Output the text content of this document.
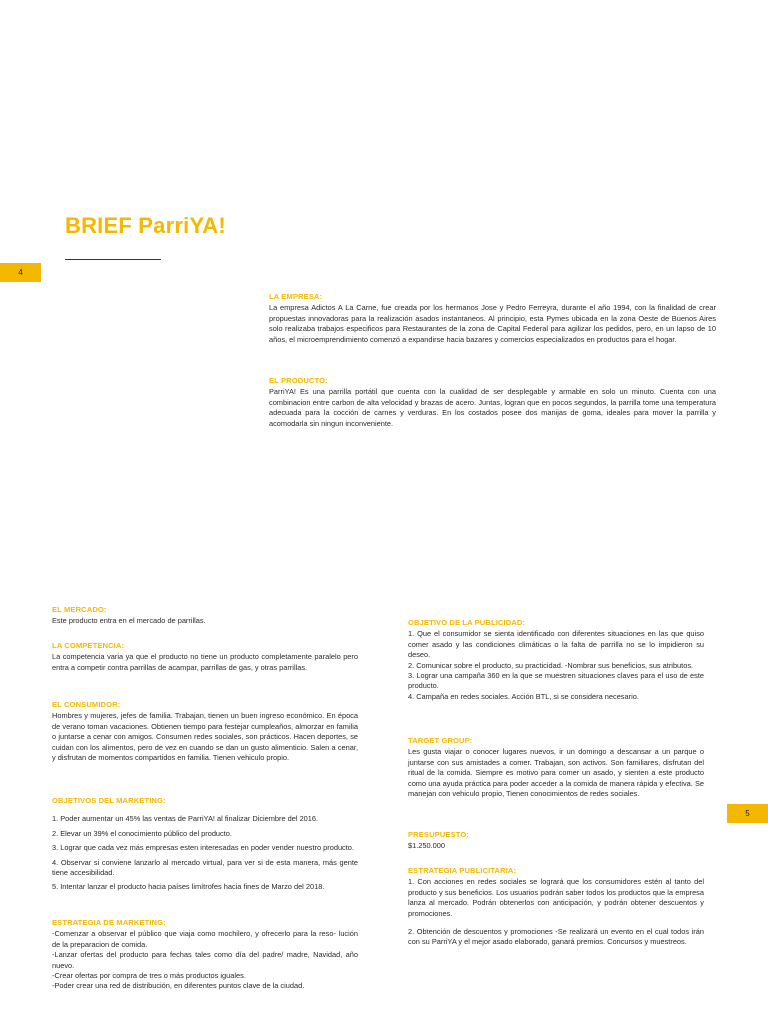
BRIEF ParriYA!
4
5
LA EMPRESA:

La empresa Adictos A La Carne, fue creada por los hermanos Jose y Pedro Ferreyra, durante el año 1994, con la finalidad de crear propuestas innovadoras para la realización asados instantaneos. Al principio, esta Pymes ubicada en la zona Oeste de Buenos Aires solo realizaba trabajos especificos para Restaurantes de la zona de Capital Federal para agilizar los pedidos, pero, en un lapso de 10 años, el microemprendimiento comenzó a expandirse hacia bazares y comercios especializados en productos para el hogar.

EL PRODUCTO:

ParriYA! Es una parrilla portátil que cuenta con la cualidad de ser desplegable y armable en solo un minuto. Cuenta con una combinacion entre carbon de alta velocidad y brazas de acero. Juntas, logran que en pocos segundos, la parrilla tome una temperatura adecuada para la cocción de carnes y verduras. En los costados posee dos manijas de goma, ideales para mover la parrilla y acomodarla sin ningun inconveniente.

EL MERCADO:

Este producto entra en el mercado de parrillas.

LA COMPETENCIA:

La competencia varia ya que el producto no tiene un producto completamente paralelo pero entra a competir contra parrillas de acampar, parrillas de gas, y otras parrillas.

EL CONSUMIDOR:

Hombres y mujeres, jefes de familia. Trabajan, tienen un buen ingreso económico. En época de verano toman vacaciones. Obtienen tiempo para festejar cumpleaños, almorzar en familia o juntarse a cenar con amigos. Consumen redes sociales, son prácticos. Hacen deportes, se cuidan con los alimentos, pero de vez en cuando se dan un gusto alimenticio. Salen a cenar, y disfrutan de momentos compartidos en familia. Tienen vehiculo propio.

OBJETIVOS DEL MARKETING:

1. Poder aumentar un 45% las ventas de ParriYA! al finalizar Diciembre del 2016.

2. Elevar un 39% el conocimiento público del producto.

3. Lograr que cada vez más empresas esten interesadas en poder vender nuestro producto.

4. Observar si conviene lanzarlo al mercado virtual, para ver si de esta manera, más gente tiene accesibilidad.

5. Intentar lanzar el producto hacia países limítrofes hacia fines de Marzo del 2018.

ESTRATEGIA DE MARKETING:

-Comenzar a observar el público que viaja como mochilero, y ofrecerlo para la reso- lución de la preparacion de comida.

-Lanzar ofertas del producto para fechas tales como día del padre/ madre, Navidad, año nuevo.

-Crear ofertas por compra de tres o más productos iguales.

-Poder crear una red de distribución, en diferentes puntos clave de la ciudad.

OBJETIVO DE LA PUBLICIDAD:

1. Que el consumidor se sienta identificado con diferentes situaciones en las que quiso comer asado y las condiciones climáticas o la falta de parrilla no se lo impidieron su deseo.

2. Comunicar sobre el producto, su practicidad. -Nombrar sus beneficios, sus atributos.

3. Lograr una campaña 360 en la que se muestren situaciones claves para el uso de este producto.

4. Campaña en redes sociales. Acción BTL, si se considera necesario.

TARGET GROUP:

Les gusta viajar o conocer lugares nuevos, ir un domingo a descansar a un parque o juntarse con sus amistades a comer. Trabajan, son activos. Son familiares, disfrutan del ritual de la comida. Siempre es motivo para comer un asado, y sienten a este producto como una ayuda práctica para poder acceder a la comida de manera rápida y efectiva. Se manejan con vehiculo propio, Tienen conocimientos de redes sociales.

PRESUPUESTO:

$1.250.000

ESTRATEGIA PUBLICITARIA:

1. Con acciones en redes sociales se logrará que los consumidores estén al tanto del producto y sus beneficios. Los usuarios podrán saber todos los productos que la empresa lanza al mercado. Podrán obtenerlos con anticipación, y podrán obtener descuentos y promociones.

2. Obtención de descuentos y promociones -Se realizará un evento en el cual todos irán con su ParriYA y el mejor asado elaborado, ganará premios. Concursos y muestreos.
